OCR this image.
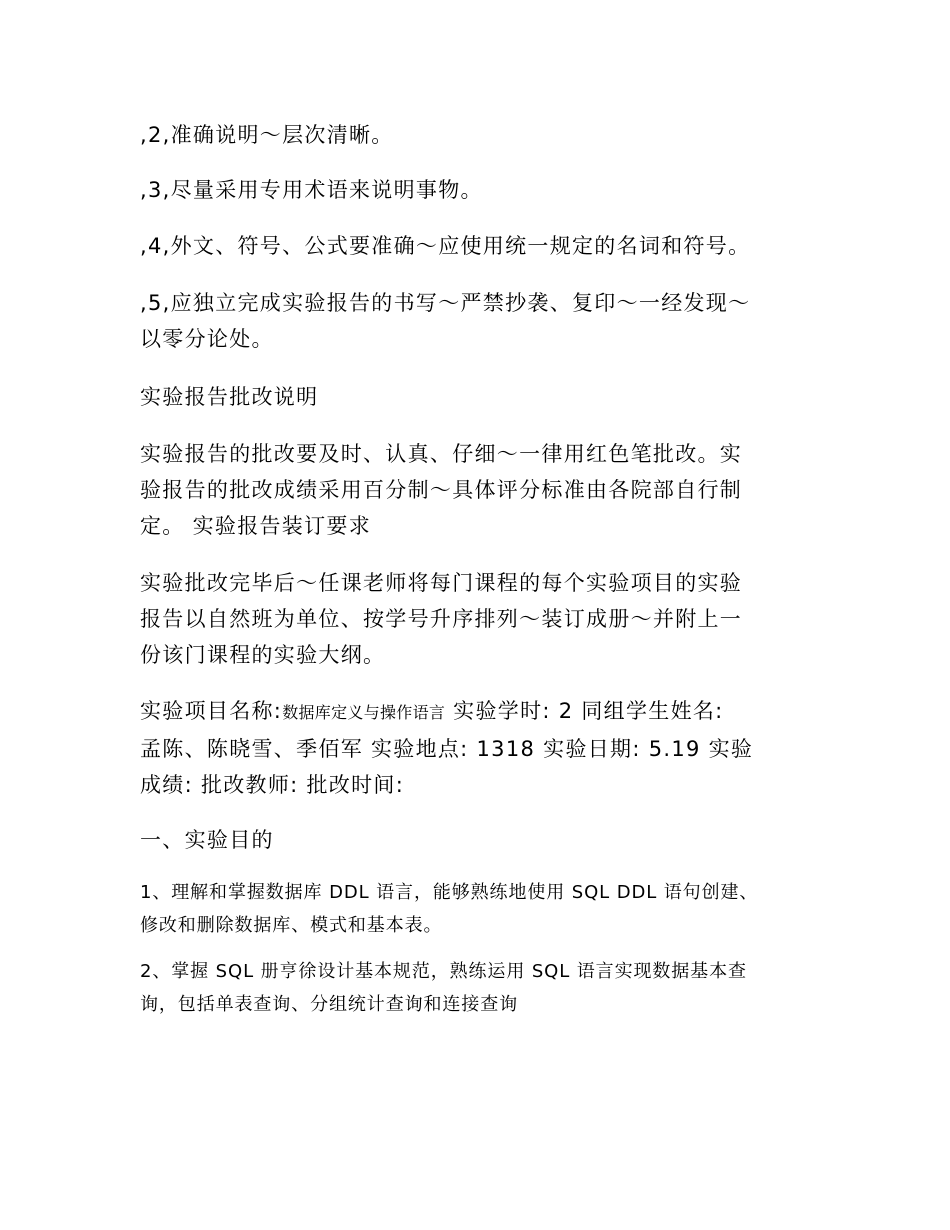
,2,准确说明～层次清晰。

,3,尽量采用专用术语来说明事物。

,4,外文、符号、公式要准确～应使用统一规定的名词和符号。

,5,应独立完成实验报告的书写～严禁抄袭、复印～一经发现～
以零分论处。

实验报告批改说明

实验报告的批改要及时、认真、仔细～一律用红色笔批改。实
验报告的批改成绩采用百分制～具体评分标准由各院部自行制
定。 实验报告装订要求

实验批改完毕后～任课老师将每门课程的每个实验项目的实验
报告以自然班为单位、按学号升序排列～装订成册～并附上一
份该门课程的实验大纲。

实验项目名称:数据库定义与操作语言 实验学时: 2 同组学生姓名:
孟陈、陈晓雪、季佰军 实验地点: 1318 实验日期: 5.19 实验
成绩: 批改教师: 批改时间:

一、实验目的

1、理解和掌握数据库 DDL 语言，能够熟练地使用 SQL DDL 语句创建、
修改和删除数据库、模式和基本表。

2、掌握 SQL 册亨徐设计基本规范，熟练运用 SQL 语言实现数据基本查
询，包括单表查询、分组统计查询和连接查询
